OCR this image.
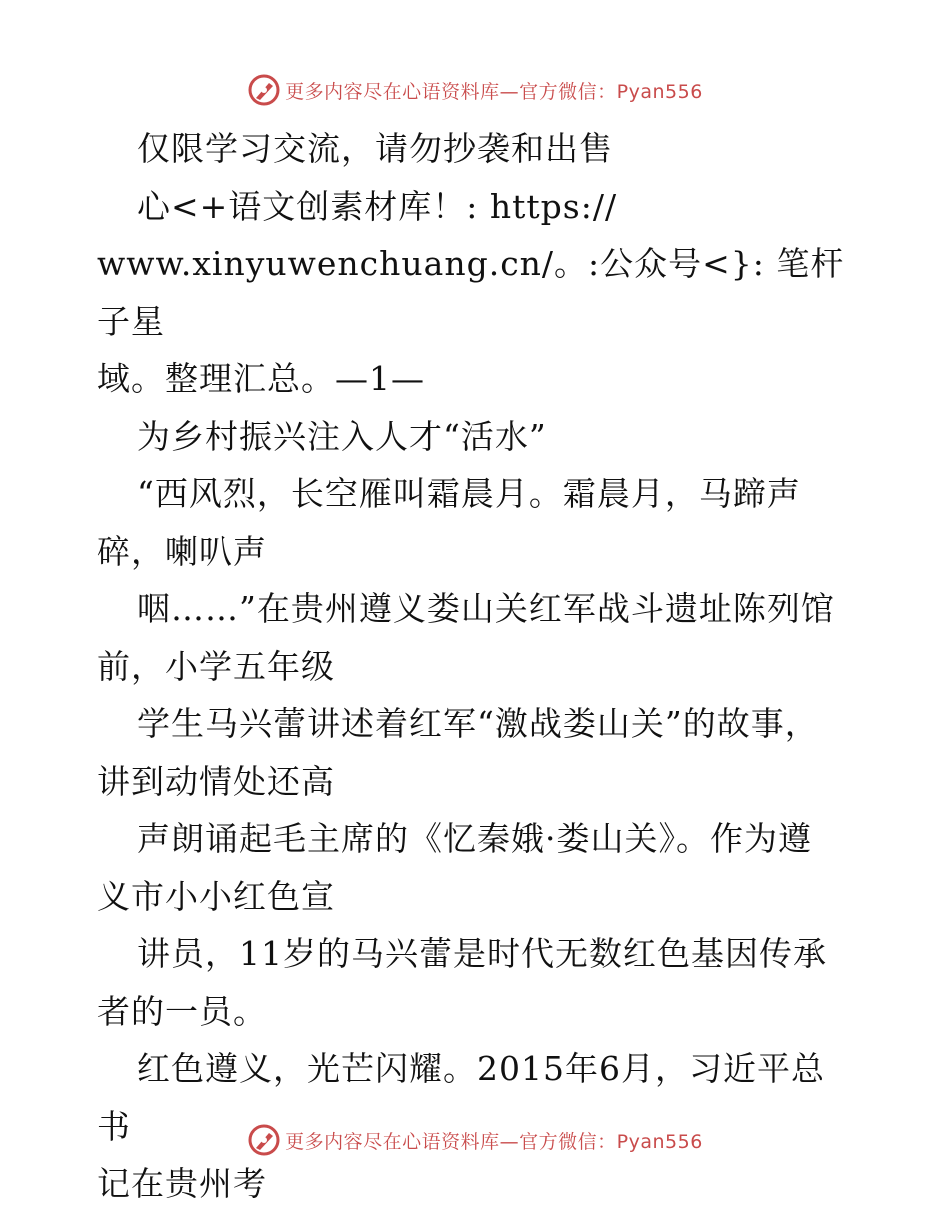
更多内容尽在心语资料库—官方微信：Pyan556

仅限学习交流，请勿抄袭和出售

心<+语文创素材库！: https://

www.xinyuwenchuang.cn/。:公众号<}: 笔杆子星

域。整理汇总。—1—

为乡村振兴注入人才“活水”

“西风烈，长空雁叫霜晨月。霜晨月，马蹄声

碎，喇叭声

咽……”在贵州遵义娄山关红军战斗遗址陈列馆

前，小学五年级

学生马兴蕾讲述着红军“激战娄山关”的故事，

讲到动情处还高

声朗诵起毛主席的《忆秦娥·娄山关》。作为遵

义市小小红色宣

讲员，11岁的马兴蕾是时代无数红色基因传承

者的一员。

红色遵义，光芒闪耀。2015年6月，习近平总书

记在贵州考

更多内容尽在心语资料库—官方微信：Pyan556
